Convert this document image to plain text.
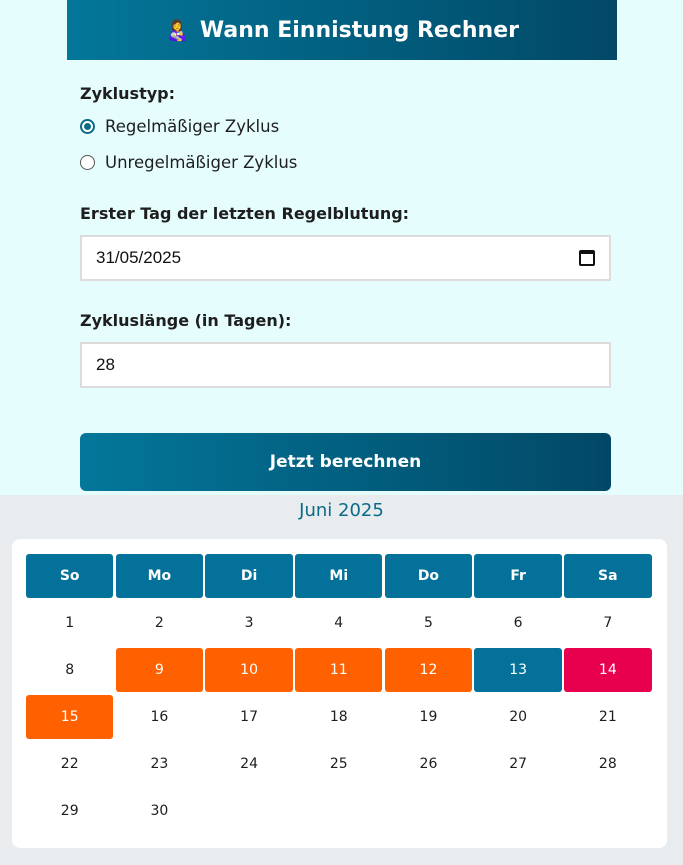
👩‍🍼 Wann Einnistung Rechner
Zyklustyp:
Regelmäßiger Zyklus
Unregelmäßiger Zyklus
Erster Tag der letzten Regelblutung:
31/05/2025
Zykluslänge (in Tagen):
28
Jetzt berechnen
Juni 2025
So	Mo	Di	Mi	Do	Fr	Sa
1	2	3	4	5	6	7
8	9	10	11	12	13	14
15	16	17	18	19	20	21
22	23	24	25	26	27	28
29	30
